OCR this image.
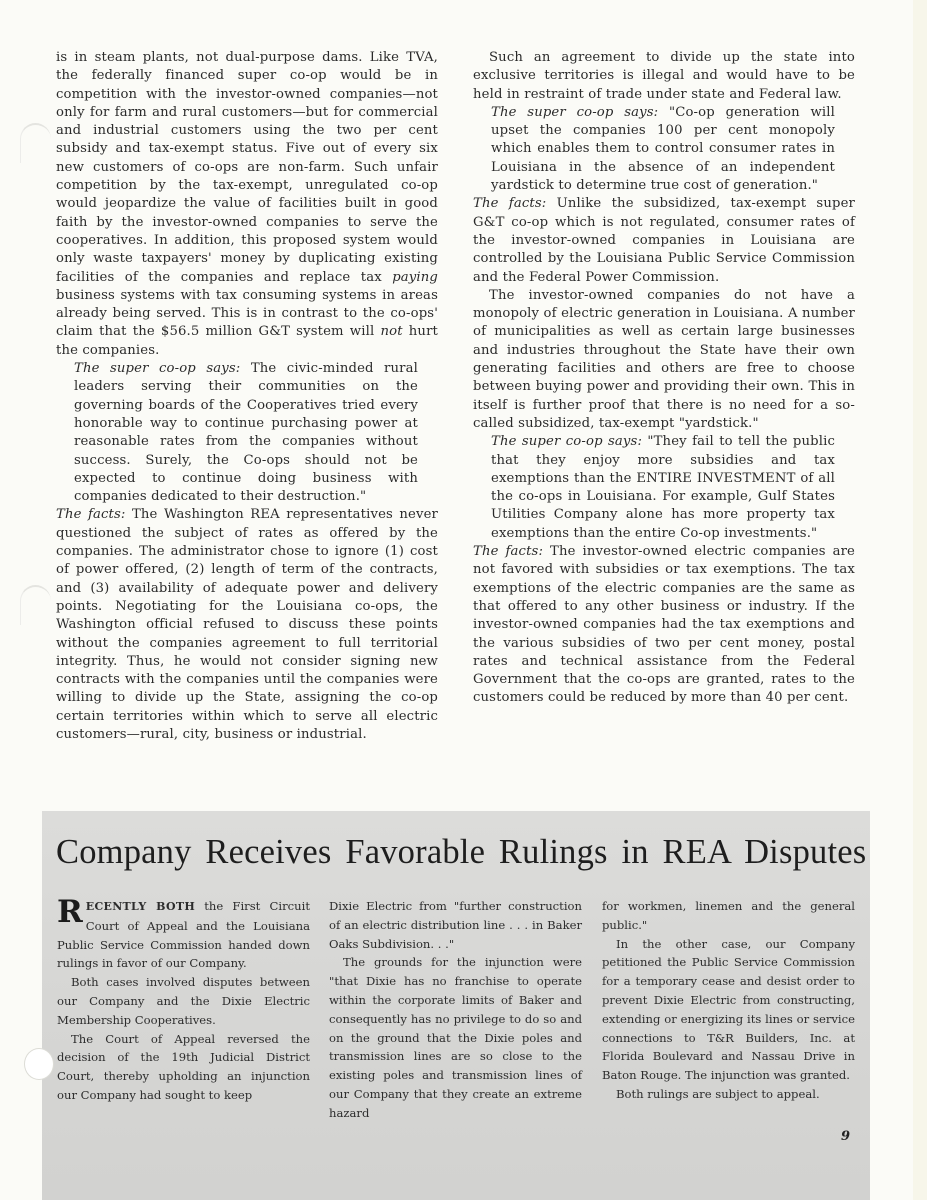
is in steam plants, not dual-purpose dams. Like TVA, the federally financed super co-op would be in competition with the investor-owned companies—not only for farm and rural customers—but for commercial and industrial customers using the two per cent subsidy and tax-exempt status. Five out of every six new customers of co-ops are non-farm. Such unfair competition by the tax-exempt, unregulated co-op would jeopardize the value of facilities built in good faith by the investor-owned companies to serve the cooperatives. In addition, this proposed system would only waste taxpayers' money by duplicating existing facilities of the companies and replace tax paying business systems with tax consuming systems in areas already being served. This is in contrast to the co-ops' claim that the $56.5 million G&T system will not hurt the companies.

The super co-op says: The civic-minded rural leaders serving their communities on the governing boards of the Cooperatives tried every honorable way to continue purchasing power at reasonable rates from the companies without success. Surely, the Co-ops should not be expected to continue doing business with companies dedicated to their destruction."

The facts: The Washington REA representatives never questioned the subject of rates as offered by the companies. The administrator chose to ignore (1) cost of power offered, (2) length of term of the contracts, and (3) availability of adequate power and delivery points. Negotiating for the Louisiana co-ops, the Washington official refused to discuss these points without the companies agreement to full territorial integrity. Thus, he would not consider signing new contracts with the companies until the companies were willing to divide up the State, assigning the co-op certain territories within which to serve all electric customers—rural, city, business or industrial.

Such an agreement to divide up the state into exclusive territories is illegal and would have to be held in restraint of trade under state and Federal law.

The super co-op says: "Co-op generation will upset the companies 100 per cent monopoly which enables them to control consumer rates in Louisiana in the absence of an independent yardstick to determine true cost of generation."

The facts: Unlike the subsidized, tax-exempt super G&T co-op which is not regulated, consumer rates of the investor-owned companies in Louisiana are controlled by the Louisiana Public Service Commission and the Federal Power Commission.

The investor-owned companies do not have a monopoly of electric generation in Louisiana. A number of municipalities as well as certain large businesses and industries throughout the State have their own generating facilities and others are free to choose between buying power and providing their own. This in itself is further proof that there is no need for a so-called subsidized, tax-exempt "yardstick."

The super co-op says: "They fail to tell the public that they enjoy more subsidies and tax exemptions than the ENTIRE INVESTMENT of all the co-ops in Louisiana. For example, Gulf States Utilities Company alone has more property tax exemptions than the entire Co-op investments."

The facts: The investor-owned electric companies are not favored with subsidies or tax exemptions. The tax exemptions of the electric companies are the same as that offered to any other business or industry. If the investor-owned companies had the tax exemptions and the various subsidies of two per cent money, postal rates and technical assistance from the Federal Government that the co-ops are granted, rates to the customers could be reduced by more than 40 per cent.

Company Receives Favorable Rulings in REA Disputes

RECENTLY BOTH the First Circuit Court of Appeal and the Louisiana Public Service Commission handed down rulings in favor of our Company.

Both cases involved disputes between our Company and the Dixie Electric Membership Cooperatives.

The Court of Appeal reversed the decision of the 19th Judicial District Court, thereby upholding an injunction our Company had sought to keep

Dixie Electric from "further construction of an electric distribution line . . . in Baker Oaks Subdivision. . ."

The grounds for the injunction were "that Dixie has no franchise to operate within the corporate limits of Baker and consequently has no privilege to do so and on the ground that the Dixie poles and transmission lines are so close to the existing poles and transmission lines of our Company that they create an extreme hazard

for workmen, linemen and the general public."

In the other case, our Company petitioned the Public Service Commission for a temporary cease and desist order to prevent Dixie Electric from constructing, extending or energizing its lines or service connections to T&R Builders, Inc. at Florida Boulevard and Nassau Drive in Baton Rouge. The injunction was granted.

Both rulings are subject to appeal.

9
